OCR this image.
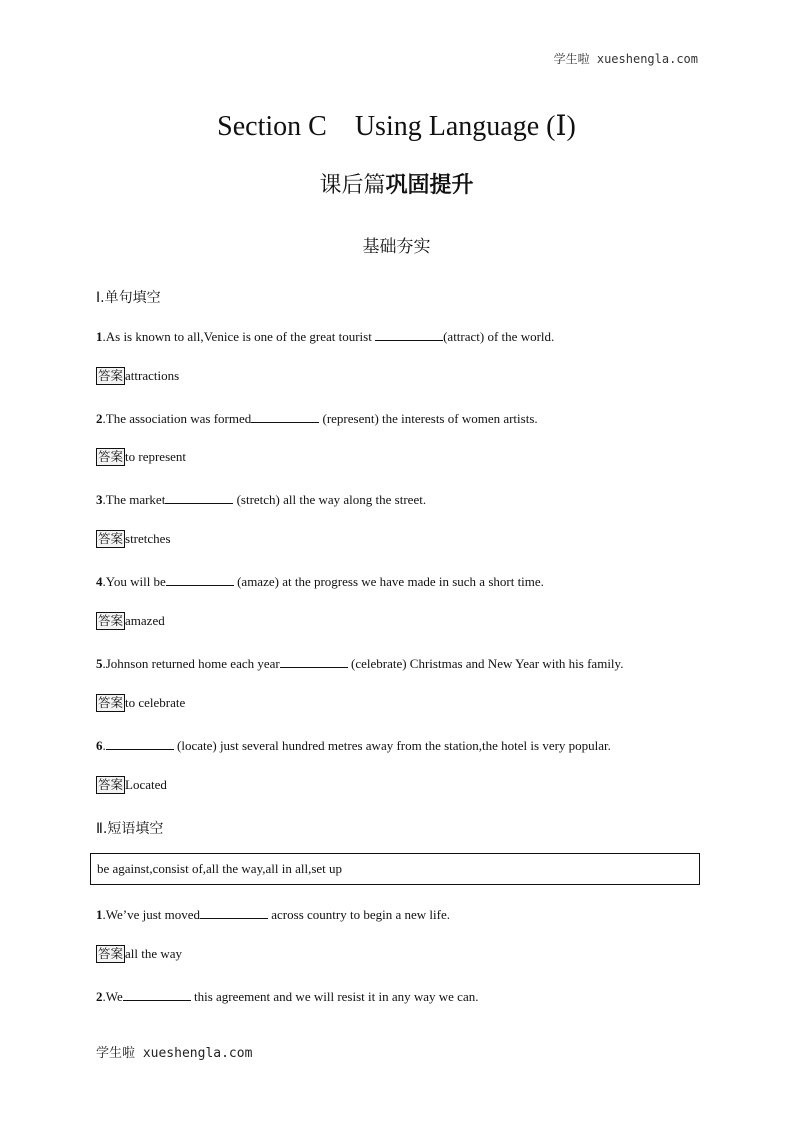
学生啦 xueshengla.com
Section C　Using Language (Ⅰ)
课后篇巩固提升
基础夯实
Ⅰ.单句填空
1.As is known to all,Venice is one of the great tourist	(attract) of the world.
答案 attractions
2.The association was formed	(represent) the interests of women artists.
答案 to represent
3.The market	(stretch) all the way along the street.
答案 stretches
4.You will be	(amaze) at the progress we have made in such a short time.
答案 amazed
5.Johnson returned home each year	(celebrate) Christmas and New Year with his family.
答案 to celebrate
6.	(locate) just several hundred metres away from the station,the hotel is very popular.
答案 Located
Ⅱ.短语填空
be against,consist of,all the way,all in all,set up
1.We’ve just moved	across country to begin a new life.
答案 all the way
2.We	this agreement and we will resist it in any way we can.
学生啦 xueshengla.com
